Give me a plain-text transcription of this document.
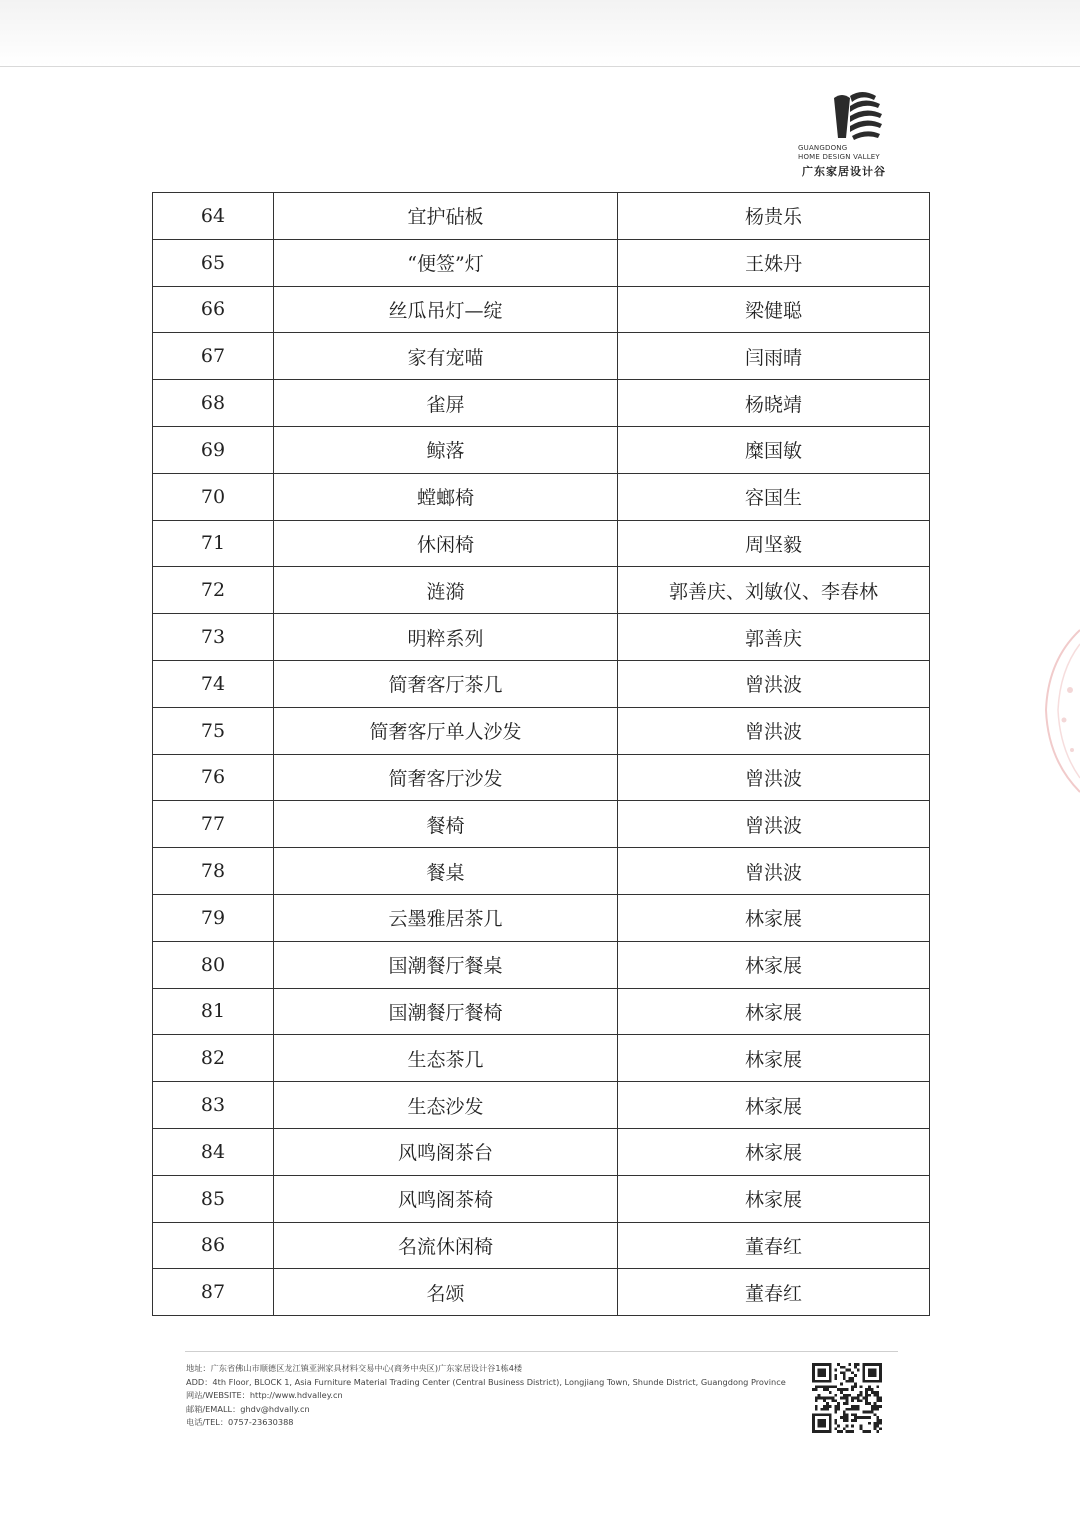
GUANGDONG
HOME DESIGN VALLEY
广东家居设计谷
64	宜护砧板	杨贵乐
65	“便签”灯	王姝丹
66	丝瓜吊灯—绽	梁健聪
67	家有宠喵	闫雨晴
68	雀屏	杨晓靖
69	鲸落	糜国敏
70	螳螂椅	容国生
71	休闲椅	周坚毅
72	涟漪	郭善庆、刘敏仪、李春林
73	明粹系列	郭善庆
74	简奢客厅茶几	曾洪波
75	简奢客厅单人沙发	曾洪波
76	简奢客厅沙发	曾洪波
77	餐椅	曾洪波
78	餐桌	曾洪波
79	云墨雅居茶几	林家展
80	国潮餐厅餐桌	林家展
81	国潮餐厅餐椅	林家展
82	生态茶几	林家展
83	生态沙发	林家展
84	风鸣阁茶台	林家展
85	风鸣阁茶椅	林家展
86	名流休闲椅	董春红
87	名颂	董春红
地址：广东省佛山市顺德区龙江镇亚洲家具材料交易中心(商务中央区)广东家居设计谷1栋4楼
ADD：4th Floor, BLOCK 1, Asia Furniture Material Trading Center (Central Business District), Longjiang Town, Shunde District, Guangdong Province
网站/WEBSITE：http://www.hdvalley.cn
邮箱/EMALL：ghdv@hdvally.cn
电话/TEL：0757-23630388
